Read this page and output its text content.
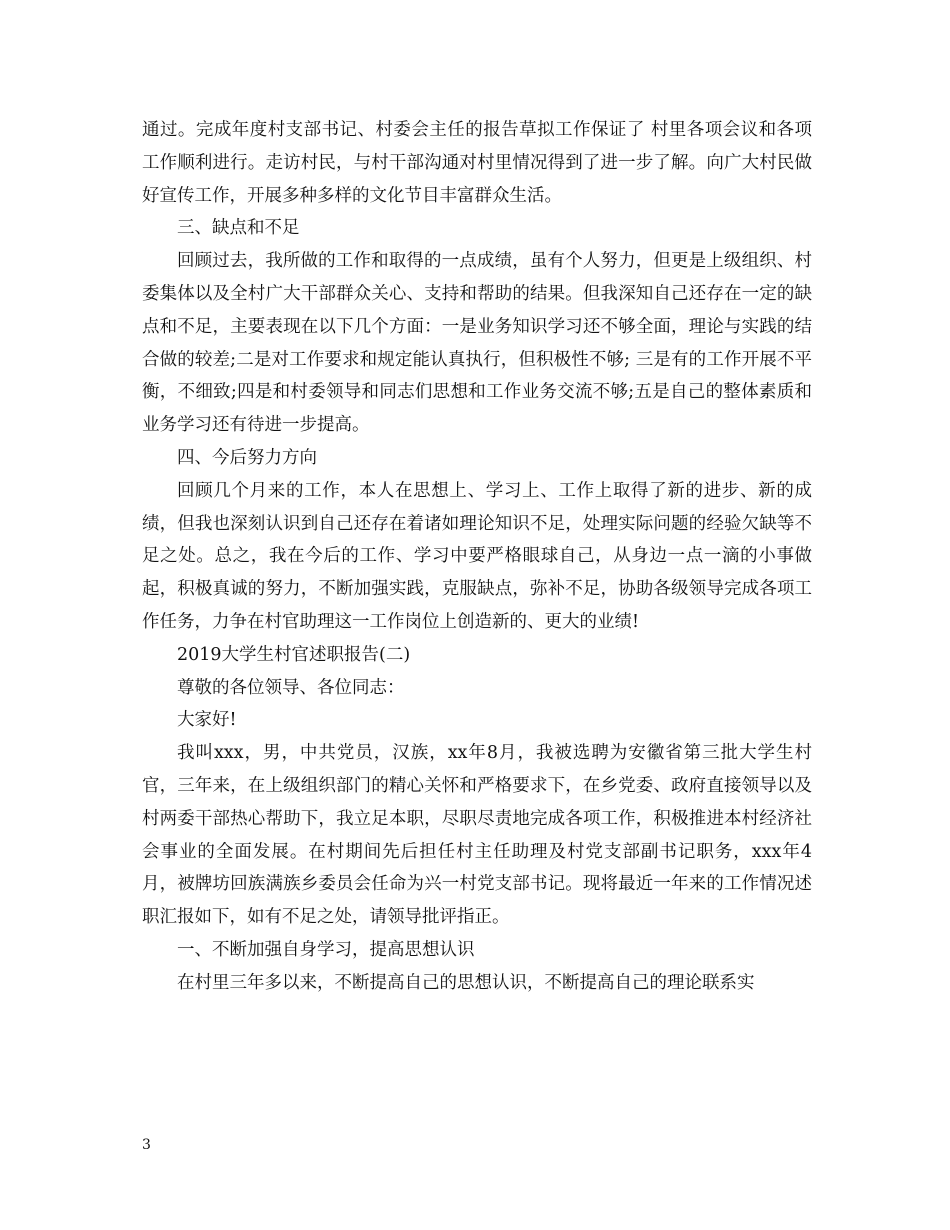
通过。完成年度村支部书记、村委会主任的报告草拟工作保证了 村里各项会议和各项工作顺利进行。走访村民，与村干部沟通对村里情况得到了进一步了解。向广大村民做好宣传工作，开展多种多样的文化节目丰富群众生活。

三、缺点和不足

回顾过去，我所做的工作和取得的一点成绩，虽有个人努力，但更是上级组织、村委集体以及全村广大干部群众关心、支持和帮助的结果。但我深知自己还存在一定的缺点和不足，主要表现在以下几个方面：一是业务知识学习还不够全面，理论与实践的结合做的较差;二是对工作要求和规定能认真执行，但积极性不够; 三是有的工作开展不平衡，不细致;四是和村委领导和同志们思想和工作业务交流不够;五是自己的整体素质和业务学习还有待进一步提高。

四、今后努力方向

回顾几个月来的工作，本人在思想上、学习上、工作上取得了新的进步、新的成绩，但我也深刻认识到自己还存在着诸如理论知识不足，处理实际问题的经验欠缺等不足之处。总之，我在今后的工作、学习中要严格眼球自己，从身边一点一滴的小事做起，积极真诚的努力，不断加强实践，克服缺点，弥补不足，协助各级领导完成各项工作任务，力争在村官助理这一工作岗位上创造新的、更大的业绩!

2019大学生村官述职报告(二)

尊敬的各位领导、各位同志：

大家好!

我叫xxx，男，中共党员，汉族，xx年8月，我被选聘为安徽省第三批大学生村官，三年来，在上级组织部门的精心关怀和严格要求下，在乡党委、政府直接领导以及村两委干部热心帮助下，我立足本职，尽职尽责地完成各项工作，积极推进本村经济社会事业的全面发展。在村期间先后担任村主任助理及村党支部副书记职务，xxx年4月，被牌坊回族满族乡委员会任命为兴一村党支部书记。现将最近一年来的工作情况述职汇报如下，如有不足之处，请领导批评指正。

一、不断加强自身学习，提高思想认识

在村里三年多以来，不断提高自己的思想认识，不断提高自己的理论联系实

3
